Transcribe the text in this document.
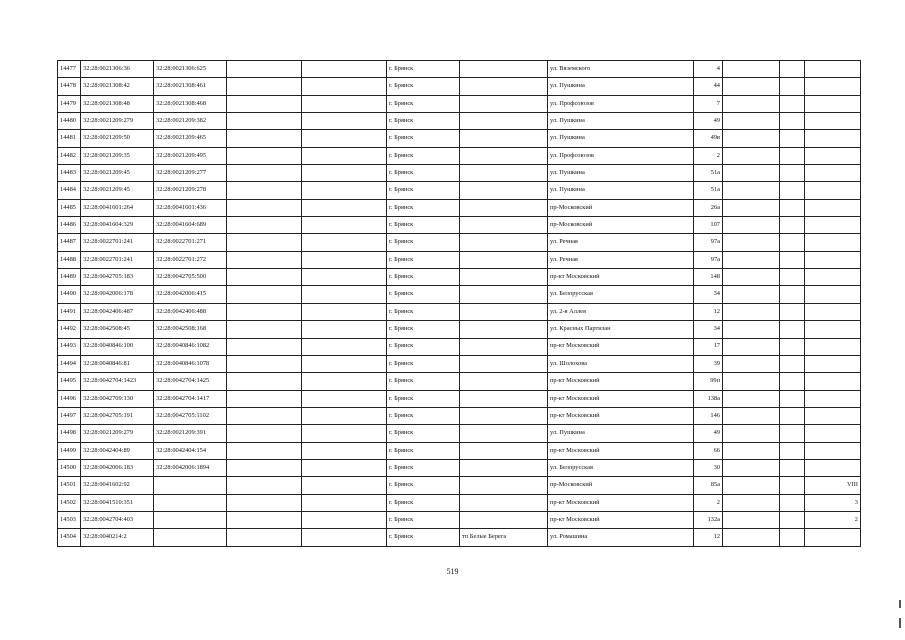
14477	32:28:0021306:36	32:28:0021306:625			г. Брянск		ул. Вяземского	4			
14478	32:28:0021308:42	32:28:0021308:461			г. Брянск		ул. Пушкина	44			
14479	32:28:0021308:48	32:28:0021308:468			г. Брянск		ул. Профсоюзов	7			
14480	32:28:0021209:279	32:28:0021209:382			г. Брянск		ул. Пушкина	49			
14481	32:28:0021209:50	32:28:0021209:465			г. Брянск		ул. Пушкина	49в			
14482	32:28:0021209:35	32:28:0021209:495			г. Брянск		ул. Профсоюзов	2			
14483	32:28:0021209:45	32:28:0021209:277			г. Брянск		ул. Пушкина	51а			
14484	32:28:0021209:45	32:28:0021209:278			г. Брянск		ул. Пушкина	51а			
14485	32:28:0041601:264	32:28:0041601:436			г. Брянск		пр-Московский	26а			
14486	32:28:0041604:329	32:28:0041604:689			г. Брянск		пр-Московский	107			
14487	32:28:0022701:241	32:28:0022701:271			г. Брянск		ул. Речная	97а			
14488	32:28:0022701:241	32:28:0022701:272			г. Брянск		ул. Речная	97а			
14489	32:28:0042705:183	32:28:0042705:500			г. Брянск		пр-кт Московский	148			
14490	32:28:0042006:178	32:28:0042006:415			г. Брянск		ул. Белорусская	34			
14491	32:28:0042406:487	32:28:0042406:488			г. Брянск		ул. 2-я Аллея	12			
14492	32:28:0042508:45	32:28:0042508:168			г. Брянск		ул. Красных Партизан	34			
14493	32:28:0040846:100	32:28:0040846:1082			г. Брянск		пр-кт Московский	17			
14494	32:28:0040846:81	32:28:0040846:1078			г. Брянск		ул. Шолохова	39			
14495	32:28:0042704:1423	32:28:0042704:1425			г. Брянск		пр-кт Московский	99п			
14496	32:28:0042709:130	32:28:0042704:1417			г. Брянск		пр-кт Московский	138а			
14497	32:28:0042705:191	32:28:0042705:1102			г. Брянск		пр-кт Московский	146			
14498	32:28:0021209:279	32:28:0021209:391			г. Брянск		ул. Пушкина	49			
14499	32:28:0042404:89	32:28:0042404:154			г. Брянск		пр-кт Московский	66			
14500	32:28:0042006:183	32:28:0042006:1894			г. Брянск		ул. Белорусская	30			
14501	32:28:0041602:92				г. Брянск		пр-Московский	85а			VIII
14502	32:28:0041510:351				г. Брянск		пр-кт Московский	2			3
14503	32:28:0042704:403				г. Брянск		пр-кт Московский	132а			2
14504	32:28:0040214:2				г. Брянск	тп Белые Берега	ул. Ромашина	12			
519
